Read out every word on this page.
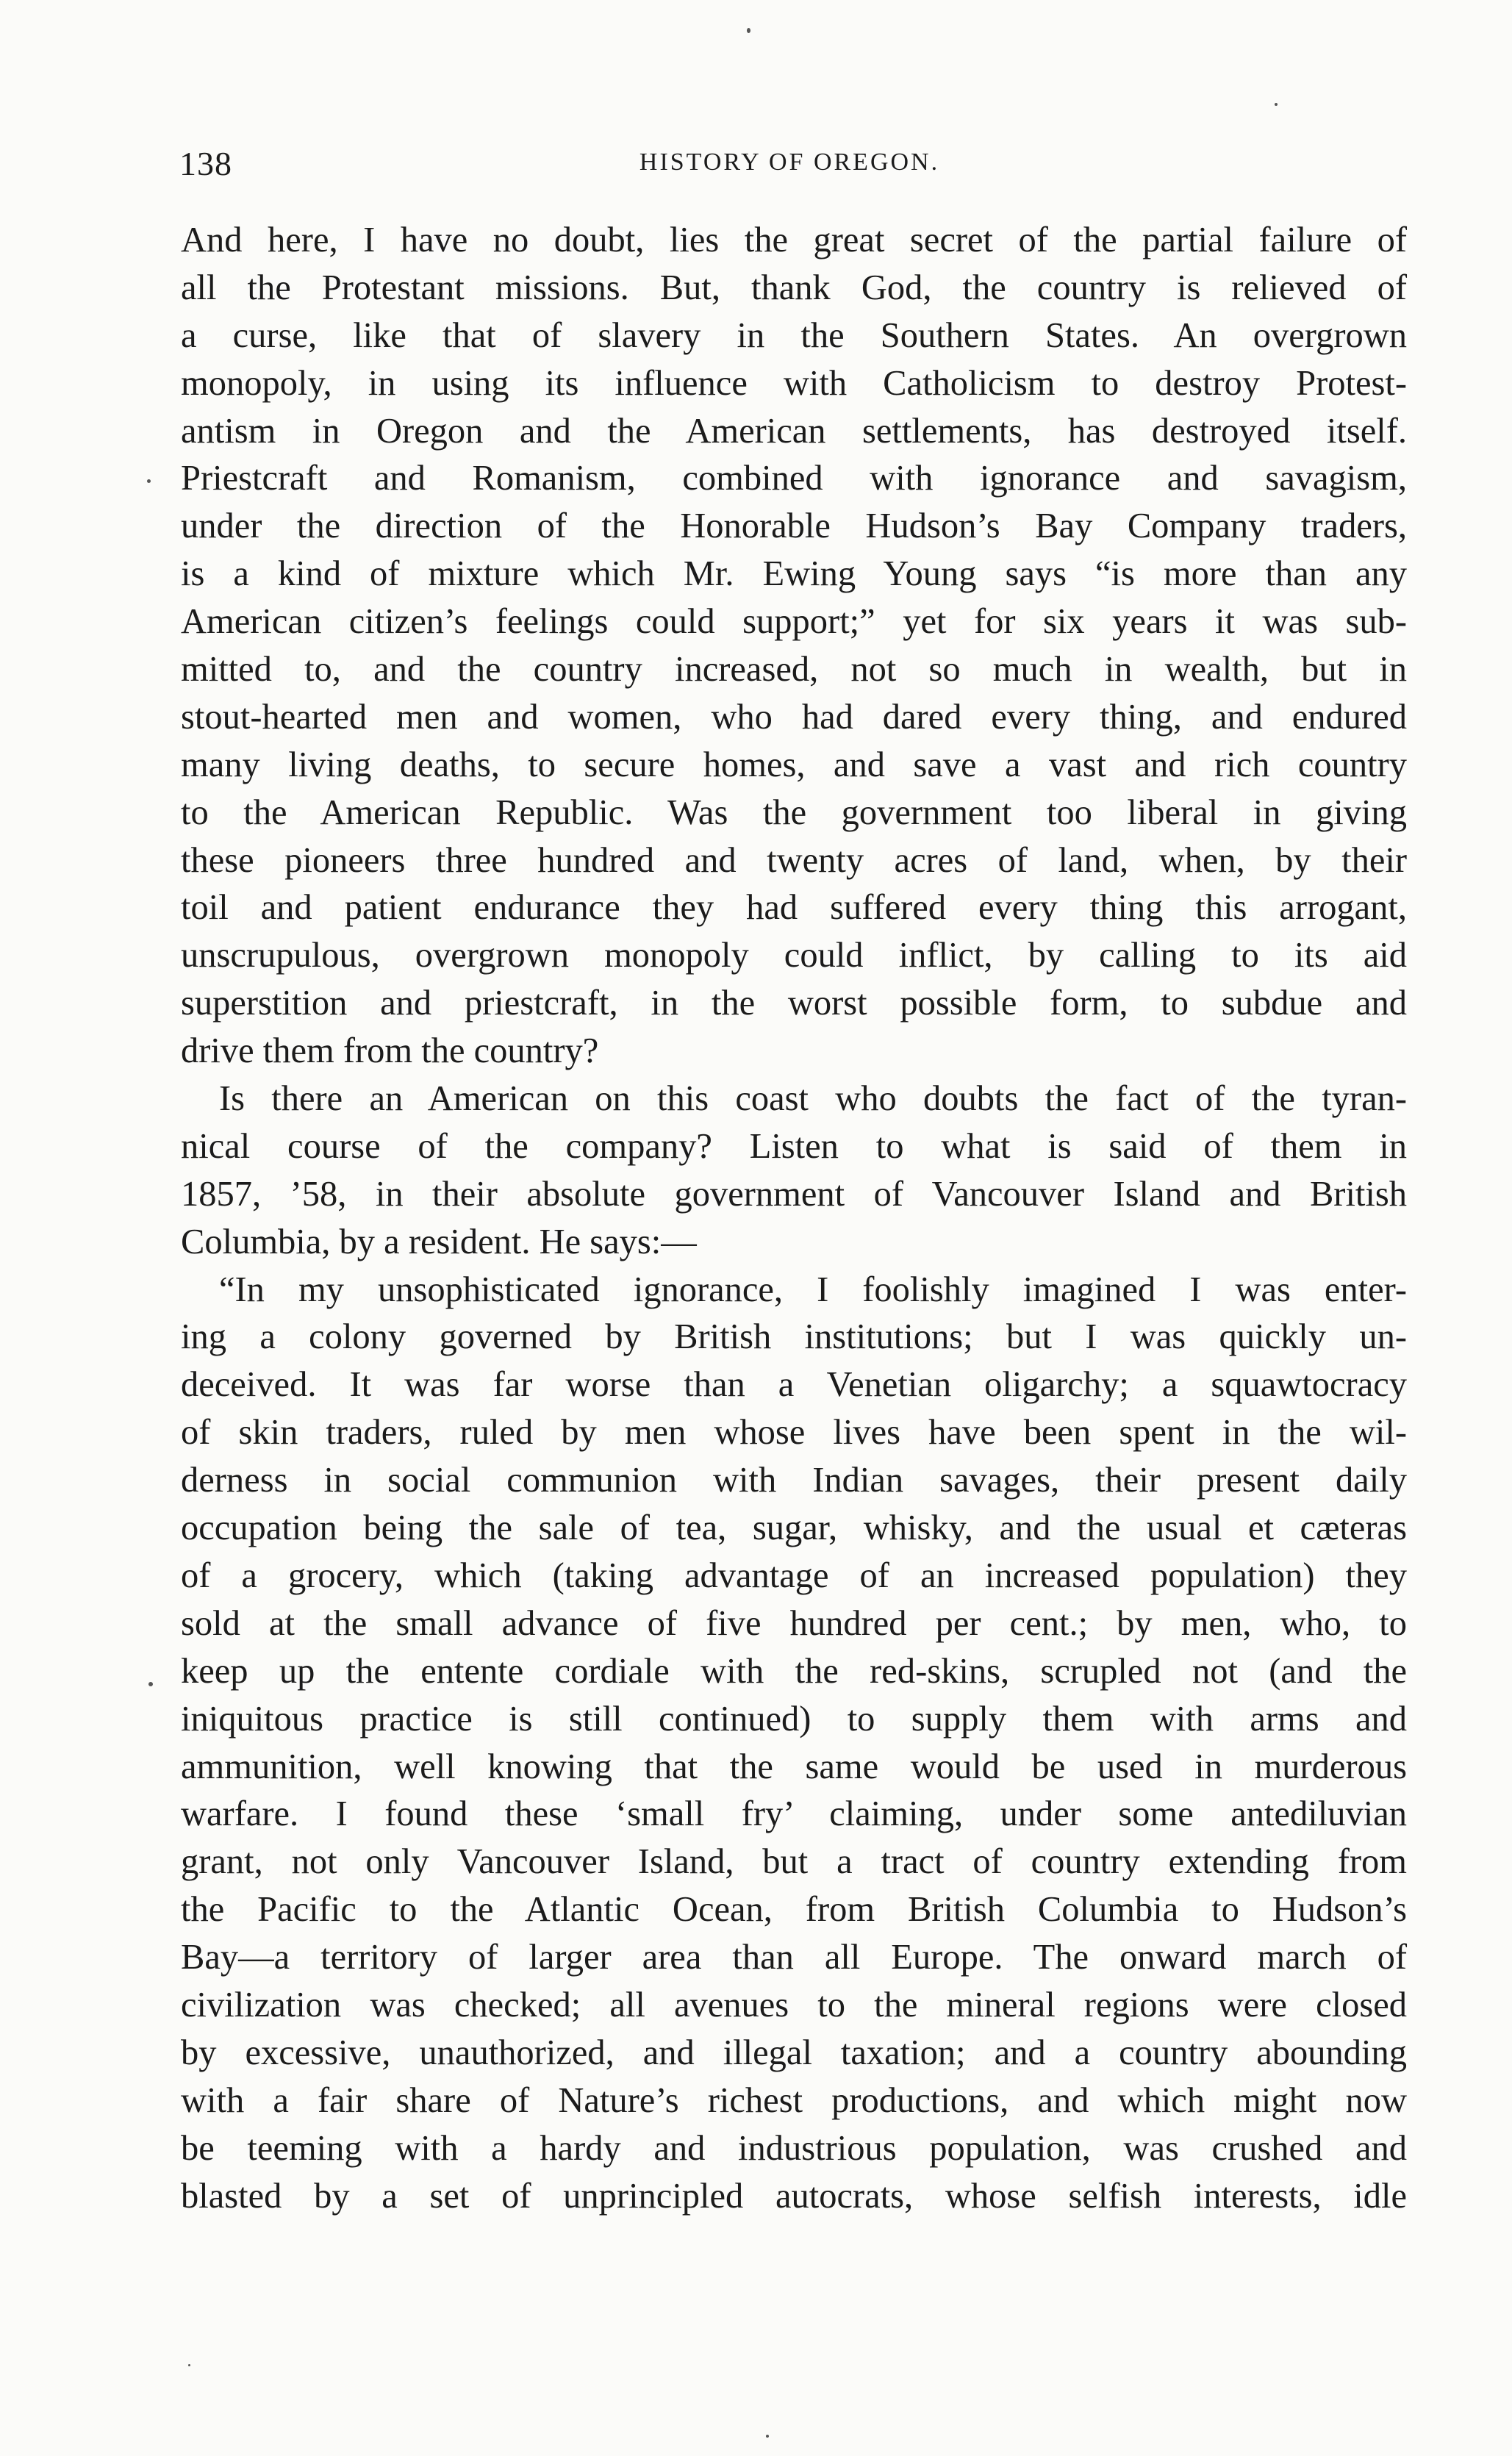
138	HISTORY OF OREGON.
And here, I have no doubt, lies the great secret of the partial failure of
all the Protestant missions. But, thank God, the country is relieved of
a curse, like that of slavery in the Southern States. An overgrown
monopoly, in using its influence with Catholicism to destroy Protest-
antism in Oregon and the American settlements, has destroyed itself.
Priestcraft and Romanism, combined with ignorance and savagism,
under the direction of the Honorable Hudson’s Bay Company traders,
is a kind of mixture which Mr. Ewing Young says “is more than any
American citizen’s feelings could support;” yet for six years it was sub-
mitted to, and the country increased, not so much in wealth, but in
stout-hearted men and women, who had dared every thing, and endured
many living deaths, to secure homes, and save a vast and rich country
to the American Republic. Was the government too liberal in giving
these pioneers three hundred and twenty acres of land, when, by their
toil and patient endurance they had suffered every thing this arrogant,
unscrupulous, overgrown monopoly could inflict, by calling to its aid
superstition and priestcraft, in the worst possible form, to subdue and
drive them from the country?
Is there an American on this coast who doubts the fact of the tyran-
nical course of the company? Listen to what is said of them in
1857, ’58, in their absolute government of Vancouver Island and British
Columbia, by a resident. He says:—
“In my unsophisticated ignorance, I foolishly imagined I was enter-
ing a colony governed by British institutions; but I was quickly un-
deceived. It was far worse than a Venetian oligarchy; a squawtocracy
of skin traders, ruled by men whose lives have been spent in the wil-
derness in social communion with Indian savages, their present daily
occupation being the sale of tea, sugar, whisky, and the usual et cæteras
of a grocery, which (taking advantage of an increased population) they
sold at the small advance of five hundred per cent.; by men, who, to
keep up the entente cordiale with the red-skins, scrupled not (and the
iniquitous practice is still continued) to supply them with arms and
ammunition, well knowing that the same would be used in murderous
warfare. I found these ‘small fry’ claiming, under some antediluvian
grant, not only Vancouver Island, but a tract of country extending from
the Pacific to the Atlantic Ocean, from British Columbia to Hudson’s
Bay—a territory of larger area than all Europe. The onward march of
civilization was checked; all avenues to the mineral regions were closed
by excessive, unauthorized, and illegal taxation; and a country abounding
with a fair share of Nature’s richest productions, and which might now
be teeming with a hardy and industrious population, was crushed and
blasted by a set of unprincipled autocrats, whose selfish interests, idle
